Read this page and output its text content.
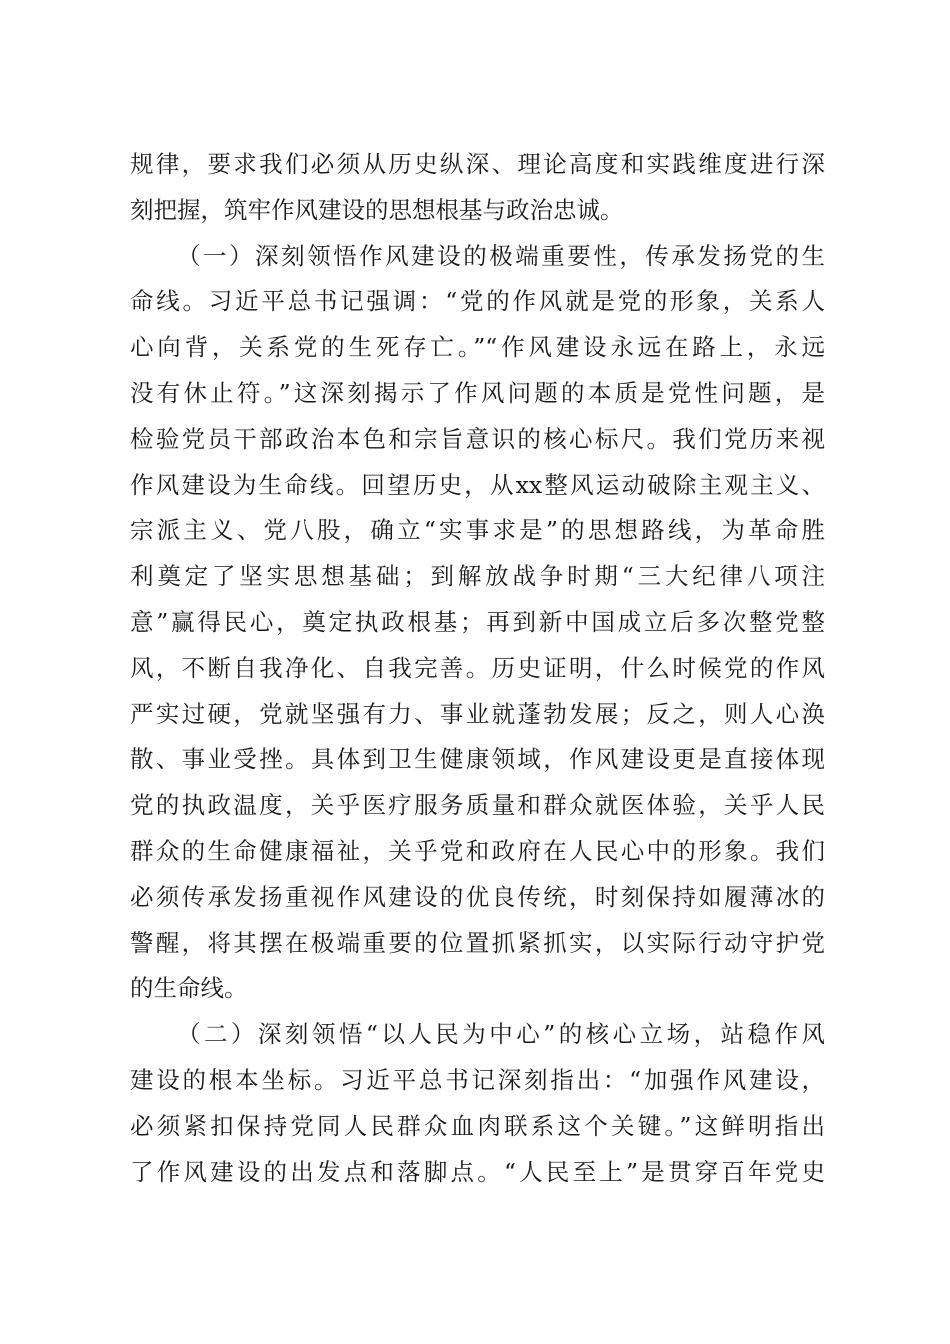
规律，要求我们必须从历史纵深、理论高度和实践维度进行深
刻把握，筑牢作风建设的思想根基与政治忠诚。
（一）深刻领悟作风建设的极端重要性，传承发扬党的生
命线。习近平总书记强调：“党的作风就是党的形象，关系人
心向背，关系党的生死存亡。”“作风建设永远在路上，永远
没有休止符。”这深刻揭示了作风问题的本质是党性问题，是
检验党员干部政治本色和宗旨意识的核心标尺。我们党历来视
作风建设为生命线。回望历史，从xx整风运动破除主观主义、
宗派主义、党八股，确立“实事求是”的思想路线，为革命胜
利奠定了坚实思想基础；到解放战争时期“三大纪律八项注
意”赢得民心，奠定执政根基；再到新中国成立后多次整党整
风，不断自我净化、自我完善。历史证明，什么时候党的作风
严实过硬，党就坚强有力、事业就蓬勃发展；反之，则人心涣
散、事业受挫。具体到卫生健康领域，作风建设更是直接体现
党的执政温度，关乎医疗服务质量和群众就医体验，关乎人民
群众的生命健康福祉，关乎党和政府在人民心中的形象。我们
必须传承发扬重视作风建设的优良传统，时刻保持如履薄冰的
警醒，将其摆在极端重要的位置抓紧抓实，以实际行动守护党
的生命线。
（二）深刻领悟“以人民为中心”的核心立场，站稳作风
建设的根本坐标。习近平总书记深刻指出：“加强作风建设，
必须紧扣保持党同人民群众血肉联系这个关键。”这鲜明指出
了作风建设的出发点和落脚点。“人民至上”是贯穿百年党史
